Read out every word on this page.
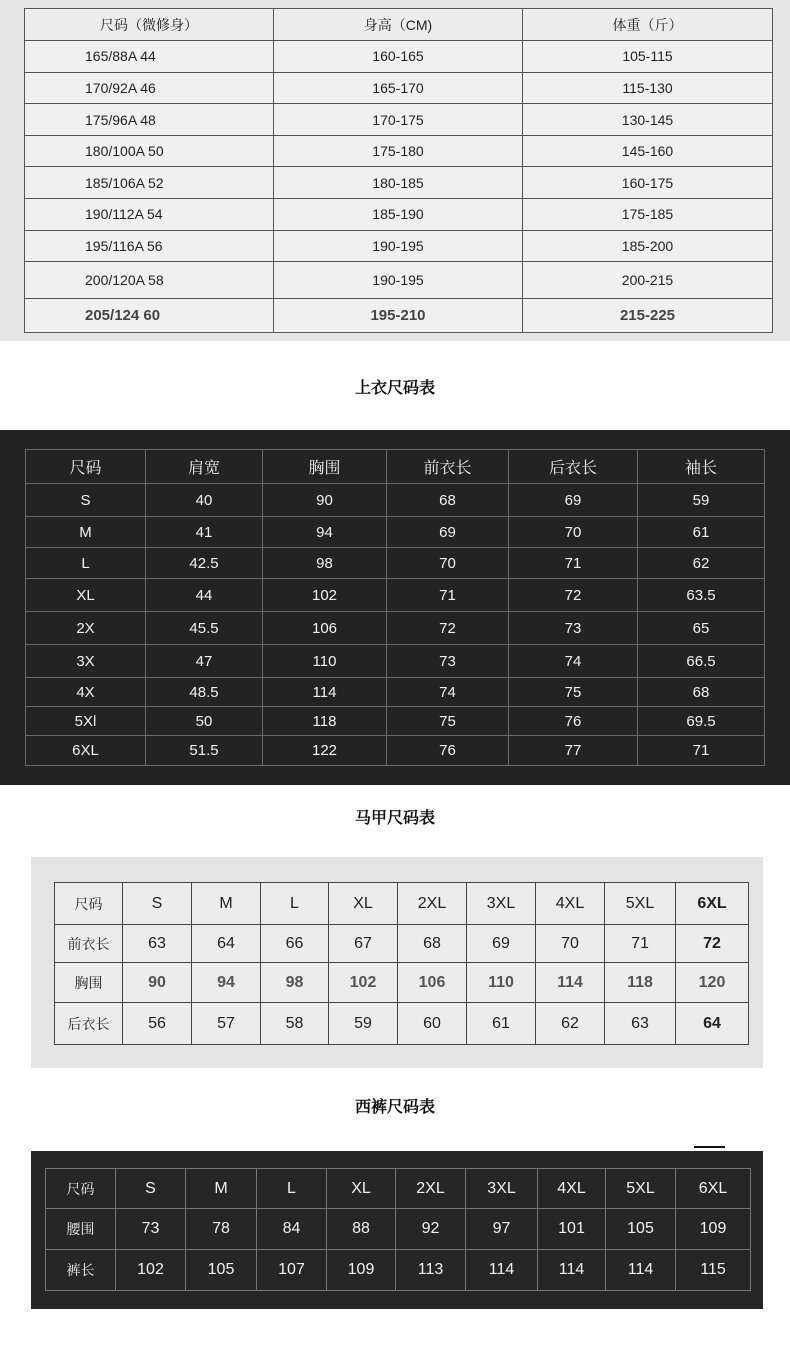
尺码（微修身）	身高（CM)	体重（斤）
165/88A 44	160-165	105-115
170/92A 46	165-170	115-130
175/96A 48	170-175	130-145
180/100A 50	175-180	145-160
185/106A 52	180-185	160-175
190/112A 54	185-190	175-185
195/116A 56	190-195	185-200
200/120A 58	190-195	200-215
205/124 60	195-210	215-225
上衣尺码表
尺码	肩宽	胸围	前衣长	后衣长	袖长
S	40	90	68	69	59
M	41	94	69	70	61
L	42.5	98	70	71	62
XL	44	102	71	72	63.5
2X	45.5	106	72	73	65
3X	47	110	73	74	66.5
4X	48.5	114	74	75	68
5Xl	50	118	75	76	69.5
6XL	51.5	122	76	77	71
马甲尺码表
尺码	S	M	L	XL	2XL	3XL	4XL	5XL	6XL
前衣长	63	64	66	67	68	69	70	71	72
胸围	90	94	98	102	106	110	114	118	120
后衣长	56	57	58	59	60	61	62	63	64
西裤尺码表
尺码	S	M	L	XL	2XL	3XL	4XL	5XL	6XL
腰围	73	78	84	88	92	97	101	105	109
裤长	102	105	107	109	113	114	114	114	115
